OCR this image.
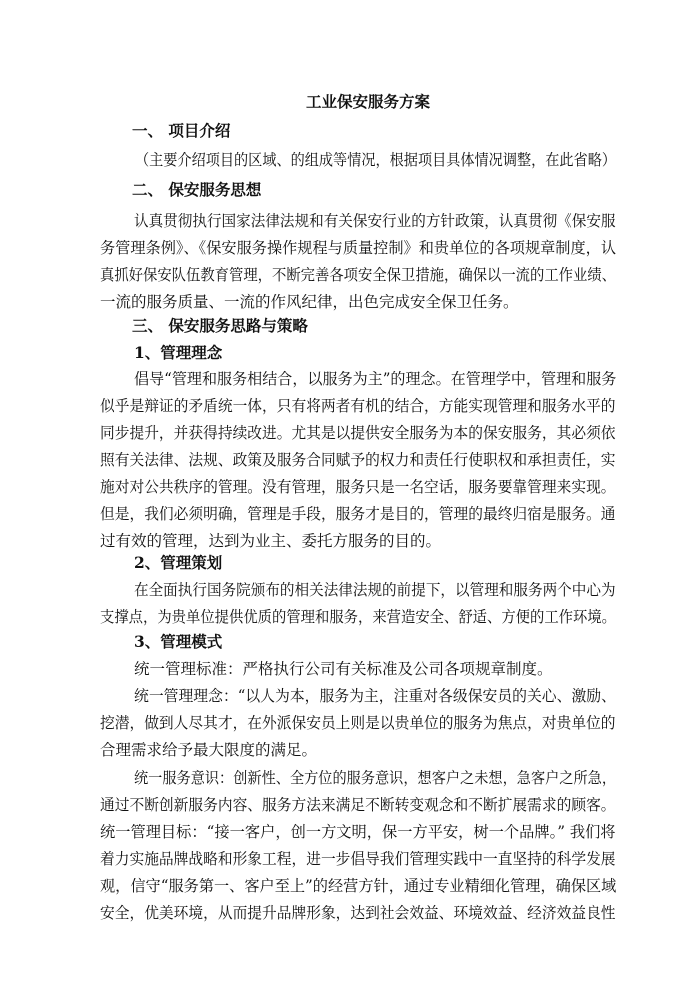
工业保安服务方案
一、 项目介绍
（主要介绍项目的区域、的组成等情况，根据项目具体情况调整，在此省略）
二、 保安服务思想
认真贯彻执行国家法律法规和有关保安行业的方针政策，认真贯彻《保安服
务管理条例》、《保安服务操作规程与质量控制》和贵单位的各项规章制度，认
真抓好保安队伍教育管理，不断完善各项安全保卫措施，确保以一流的工作业绩、
一流的服务质量、一流的作风纪律，出色完成安全保卫任务。
三、 保安服务思路与策略
1、管理理念
倡导“管理和服务相结合，以服务为主”的理念。在管理学中，管理和服务
似乎是辩证的矛盾统一体，只有将两者有机的结合，方能实现管理和服务水平的
同步提升，并获得持续改进。尤其是以提供安全服务为本的保安服务，其必须依
照有关法律、法规、政策及服务合同赋予的权力和责任行使职权和承担责任，实
施对对公共秩序的管理。没有管理，服务只是一名空话，服务要靠管理来实现。
但是，我们必须明确，管理是手段，服务才是目的，管理的最终归宿是服务。通
过有效的管理，达到为业主、委托方服务的目的。
2、管理策划
在全面执行国务院颁布的相关法律法规的前提下，以管理和服务两个中心为
支撑点，为贵单位提供优质的管理和服务，来营造安全、舒适、方便的工作环境。
3、管理模式
统一管理标准：严格执行公司有关标准及公司各项规章制度。
统一管理理念：“以人为本，服务为主，注重对各级保安员的关心、激励、
挖潜，做到人尽其才，在外派保安员上则是以贵单位的服务为焦点，对贵单位的
合理需求给予最大限度的满足。
统一服务意识：创新性、全方位的服务意识，想客户之未想，急客户之所急，
通过不断创新服务内容、服务方法来满足不断转变观念和不断扩展需求的顾客。
统一管理目标：“接一客户，创一方文明，保一方平安，树一个品牌。” 我们将
着力实施品牌战略和形象工程，进一步倡导我们管理实践中一直坚持的科学发展
观，信守“服务第一、客户至上”的经营方针，通过专业精细化管理，确保区域
安全，优美环境，从而提升品牌形象，达到社会效益、环境效益、经济效益良性
